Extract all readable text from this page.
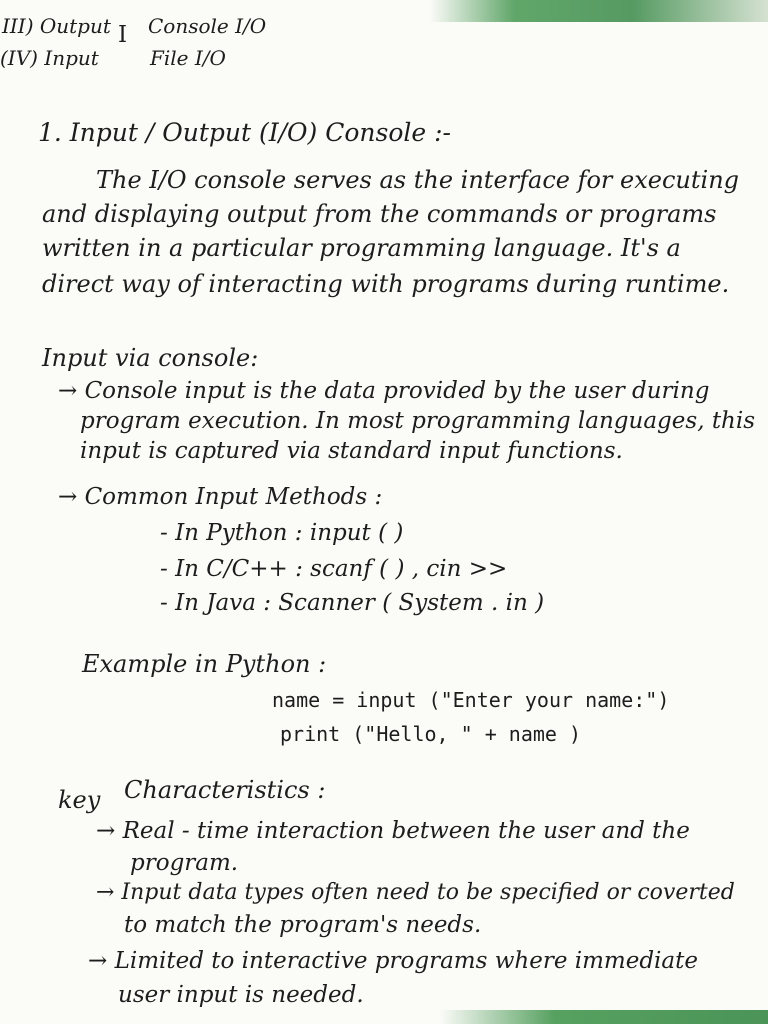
III) Output
(IV) Input
I Console I/O
File I/O
1. Input / Output (I/O) Console :-
The I/O console serves as the interface for executing
and displaying output from the commands or programs
written in a particular programming language. It's a
direct way of interacting with programs during runtime.
Input via console:
→ Console input is the data provided by the user during
program execution. In most programming languages, this
input is captured via standard input functions.
→ Common Input Methods :
- In Python : input ( )
- In C/C++ : scanf ( ) , cin >>
- In Java : Scanner ( System . in )
Example in Python :
name = input ("Enter your name:")
print ("Hello, " + name )
key Characteristics :
→ Real - time interaction between the user and the
program.
→ Input data types often need to be specified or coverted
to match the program's needs.
→ Limited to interactive programs where immediate
user input is needed.
